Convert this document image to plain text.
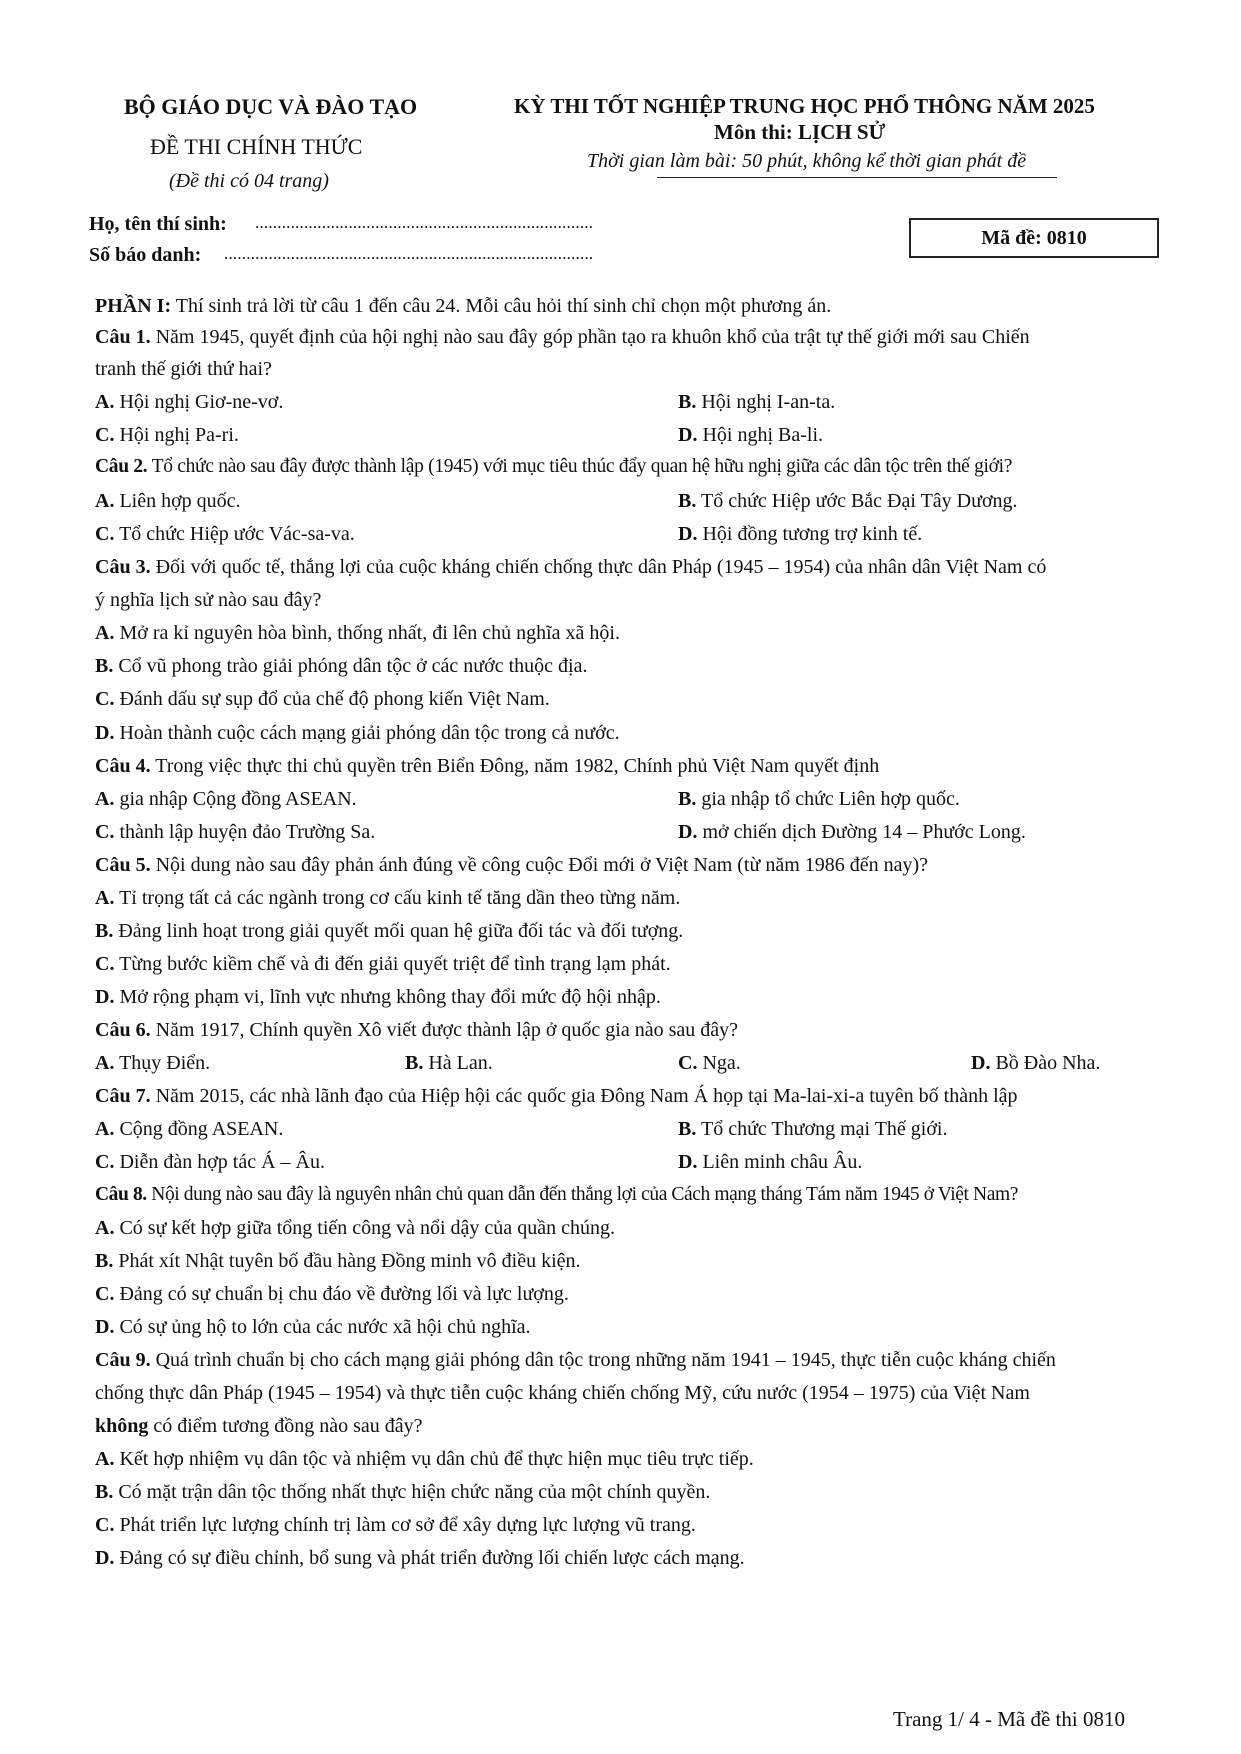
BỘ GIÁO DỤC VÀ ĐÀO TẠO
ĐỀ THI CHÍNH THỨC
(Đề thi có 04 trang)
KỲ THI TỐT NGHIỆP TRUNG HỌC PHỔ THÔNG NĂM 2025
Môn thi: LỊCH SỬ
Thời gian làm bài: 50 phút, không kể thời gian phát đề
Họ, tên thí sinh: ............................................................................
Số báo danh: ...................................................................................
Mã đề: 0810
PHẦN I: Thí sinh trả lời từ câu 1 đến câu 24. Mỗi câu hỏi thí sinh chỉ chọn một phương án.
Câu 1. Năm 1945, quyết định của hội nghị nào sau đây góp phần tạo ra khuôn khổ của trật tự thế giới mới sau Chiến
tranh thế giới thứ hai?
A. Hội nghị Giơ-ne-vơ.	B. Hội nghị I-an-ta.
C. Hội nghị Pa-ri.	D. Hội nghị Ba-li.
Câu 2. Tổ chức nào sau đây được thành lập (1945) với mục tiêu thúc đẩy quan hệ hữu nghị giữa các dân tộc trên thế giới?
A. Liên hợp quốc.	B. Tổ chức Hiệp ước Bắc Đại Tây Dương.
C. Tổ chức Hiệp ước Vác-sa-va.	D. Hội đồng tương trợ kinh tế.
Câu 3. Đối với quốc tế, thắng lợi của cuộc kháng chiến chống thực dân Pháp (1945 – 1954) của nhân dân Việt Nam có
ý nghĩa lịch sử nào sau đây?
A. Mở ra kỉ nguyên hòa bình, thống nhất, đi lên chủ nghĩa xã hội.
B. Cổ vũ phong trào giải phóng dân tộc ở các nước thuộc địa.
C. Đánh dấu sự sụp đổ của chế độ phong kiến Việt Nam.
D. Hoàn thành cuộc cách mạng giải phóng dân tộc trong cả nước.
Câu 4. Trong việc thực thi chủ quyền trên Biển Đông, năm 1982, Chính phủ Việt Nam quyết định
A. gia nhập Cộng đồng ASEAN.	B. gia nhập tổ chức Liên hợp quốc.
C. thành lập huyện đảo Trường Sa.	D. mở chiến dịch Đường 14 – Phước Long.
Câu 5. Nội dung nào sau đây phản ánh đúng về công cuộc Đổi mới ở Việt Nam (từ năm 1986 đến nay)?
A. Tỉ trọng tất cả các ngành trong cơ cấu kinh tế tăng dần theo từng năm.
B. Đảng linh hoạt trong giải quyết mối quan hệ giữa đối tác và đối tượng.
C. Từng bước kiềm chế và đi đến giải quyết triệt để tình trạng lạm phát.
D. Mở rộng phạm vi, lĩnh vực nhưng không thay đổi mức độ hội nhập.
Câu 6. Năm 1917, Chính quyền Xô viết được thành lập ở quốc gia nào sau đây?
A. Thụy Điển.	B. Hà Lan.	C. Nga.	D. Bồ Đào Nha.
Câu 7. Năm 2015, các nhà lãnh đạo của Hiệp hội các quốc gia Đông Nam Á họp tại Ma-lai-xi-a tuyên bố thành lập
A. Cộng đồng ASEAN.	B. Tổ chức Thương mại Thế giới.
C. Diễn đàn hợp tác Á – Âu.	D. Liên minh châu Âu.
Câu 8. Nội dung nào sau đây là nguyên nhân chủ quan dẫn đến thắng lợi của Cách mạng tháng Tám năm 1945 ở Việt Nam?
A. Có sự kết hợp giữa tổng tiến công và nổi dậy của quần chúng.
B. Phát xít Nhật tuyên bố đầu hàng Đồng minh vô điều kiện.
C. Đảng có sự chuẩn bị chu đáo về đường lối và lực lượng.
D. Có sự ủng hộ to lớn của các nước xã hội chủ nghĩa.
Câu 9. Quá trình chuẩn bị cho cách mạng giải phóng dân tộc trong những năm 1941 – 1945, thực tiễn cuộc kháng chiến
chống thực dân Pháp (1945 – 1954) và thực tiễn cuộc kháng chiến chống Mỹ, cứu nước (1954 – 1975) của Việt Nam
không có điểm tương đồng nào sau đây?
A. Kết hợp nhiệm vụ dân tộc và nhiệm vụ dân chủ để thực hiện mục tiêu trực tiếp.
B. Có mặt trận dân tộc thống nhất thực hiện chức năng của một chính quyền.
C. Phát triển lực lượng chính trị làm cơ sở để xây dựng lực lượng vũ trang.
D. Đảng có sự điều chỉnh, bổ sung và phát triển đường lối chiến lược cách mạng.
Trang 1/ 4 - Mã đề thi 0810
